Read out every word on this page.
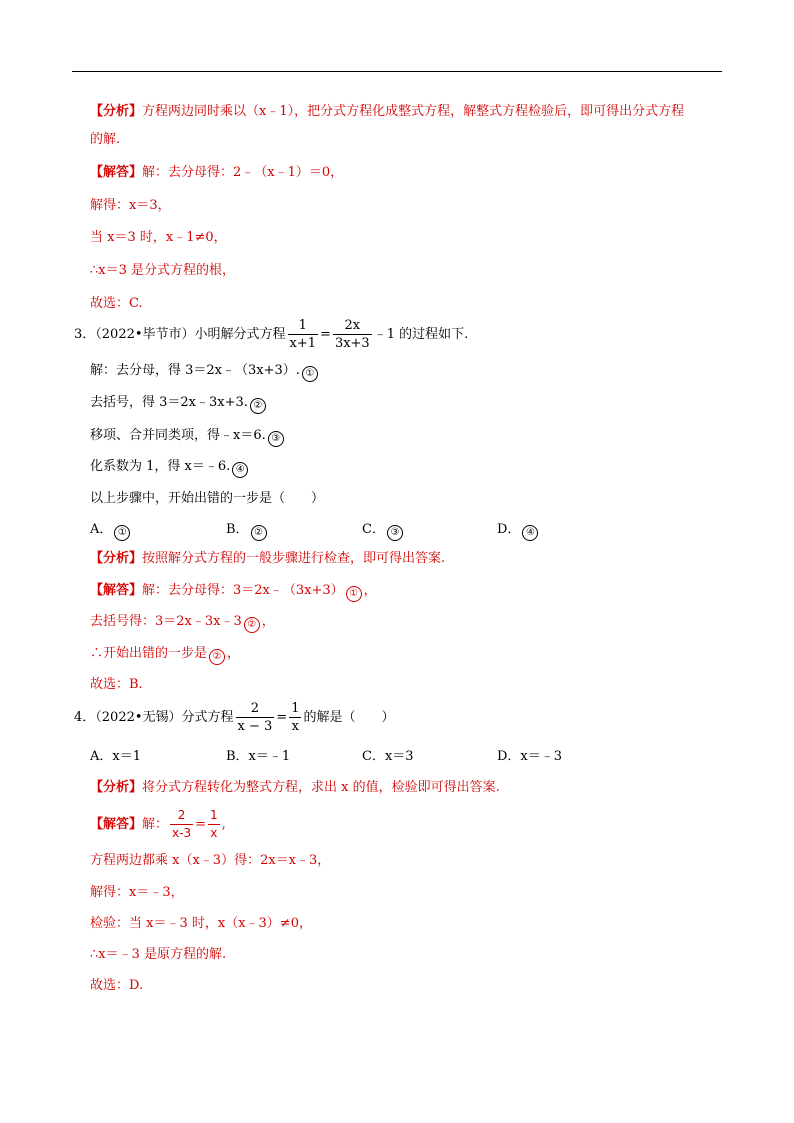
【分析】方程两边同时乘以（x﹣1），把分式方程化成整式方程，解整式方程检验后，即可得出分式方程
的解.
【解答】解：去分母得：2﹣（x﹣1）＝0，
解得：x＝3，
当 x＝3 时，x﹣1≠0，
∴x＝3 是分式方程的根，
故选：C.
3．（2022•毕节市）小明解分式方程 $\frac{1}{x+1} = \frac{2x}{3x+3}$ ﹣1 的过程如下.
解：去分母，得 3＝2x﹣（3x+3）. ①
去括号，得 3＝2x﹣3x+3. ②
移项、合并同类项，得﹣x＝6. ③
化系数为 1，得 x＝﹣6. ④
以上步骤中，开始出错的一步是（　　）
A． ①	B． ②	C． ③	D． ④
【分析】按照解分式方程的一般步骤进行检查，即可得出答案.
【解答】解：去分母得：3＝2x﹣（3x+3） ① ，
去括号得：3＝2x﹣3x﹣3 ② ，
∴开始出错的一步是 ② ，
故选：B.
4．（2022•无锡）分式方程 $\frac{2}{x - 3} = \frac{1}{x}$ 的解是（　　）
A．x＝1	B．x＝﹣1	C．x＝3	D．x＝﹣3
【分析】将分式方程转化为整式方程，求出 x 的值，检验即可得出答案.
【解答】解： $\frac{2}{x-3} = \frac{1}{x}$ ,
方程两边都乘 x（x﹣3）得：2x＝x﹣3，
解得：x＝﹣3，
检验：当 x＝﹣3 时，x（x﹣3）≠0，
∴x＝﹣3 是原方程的解.
故选：D.
